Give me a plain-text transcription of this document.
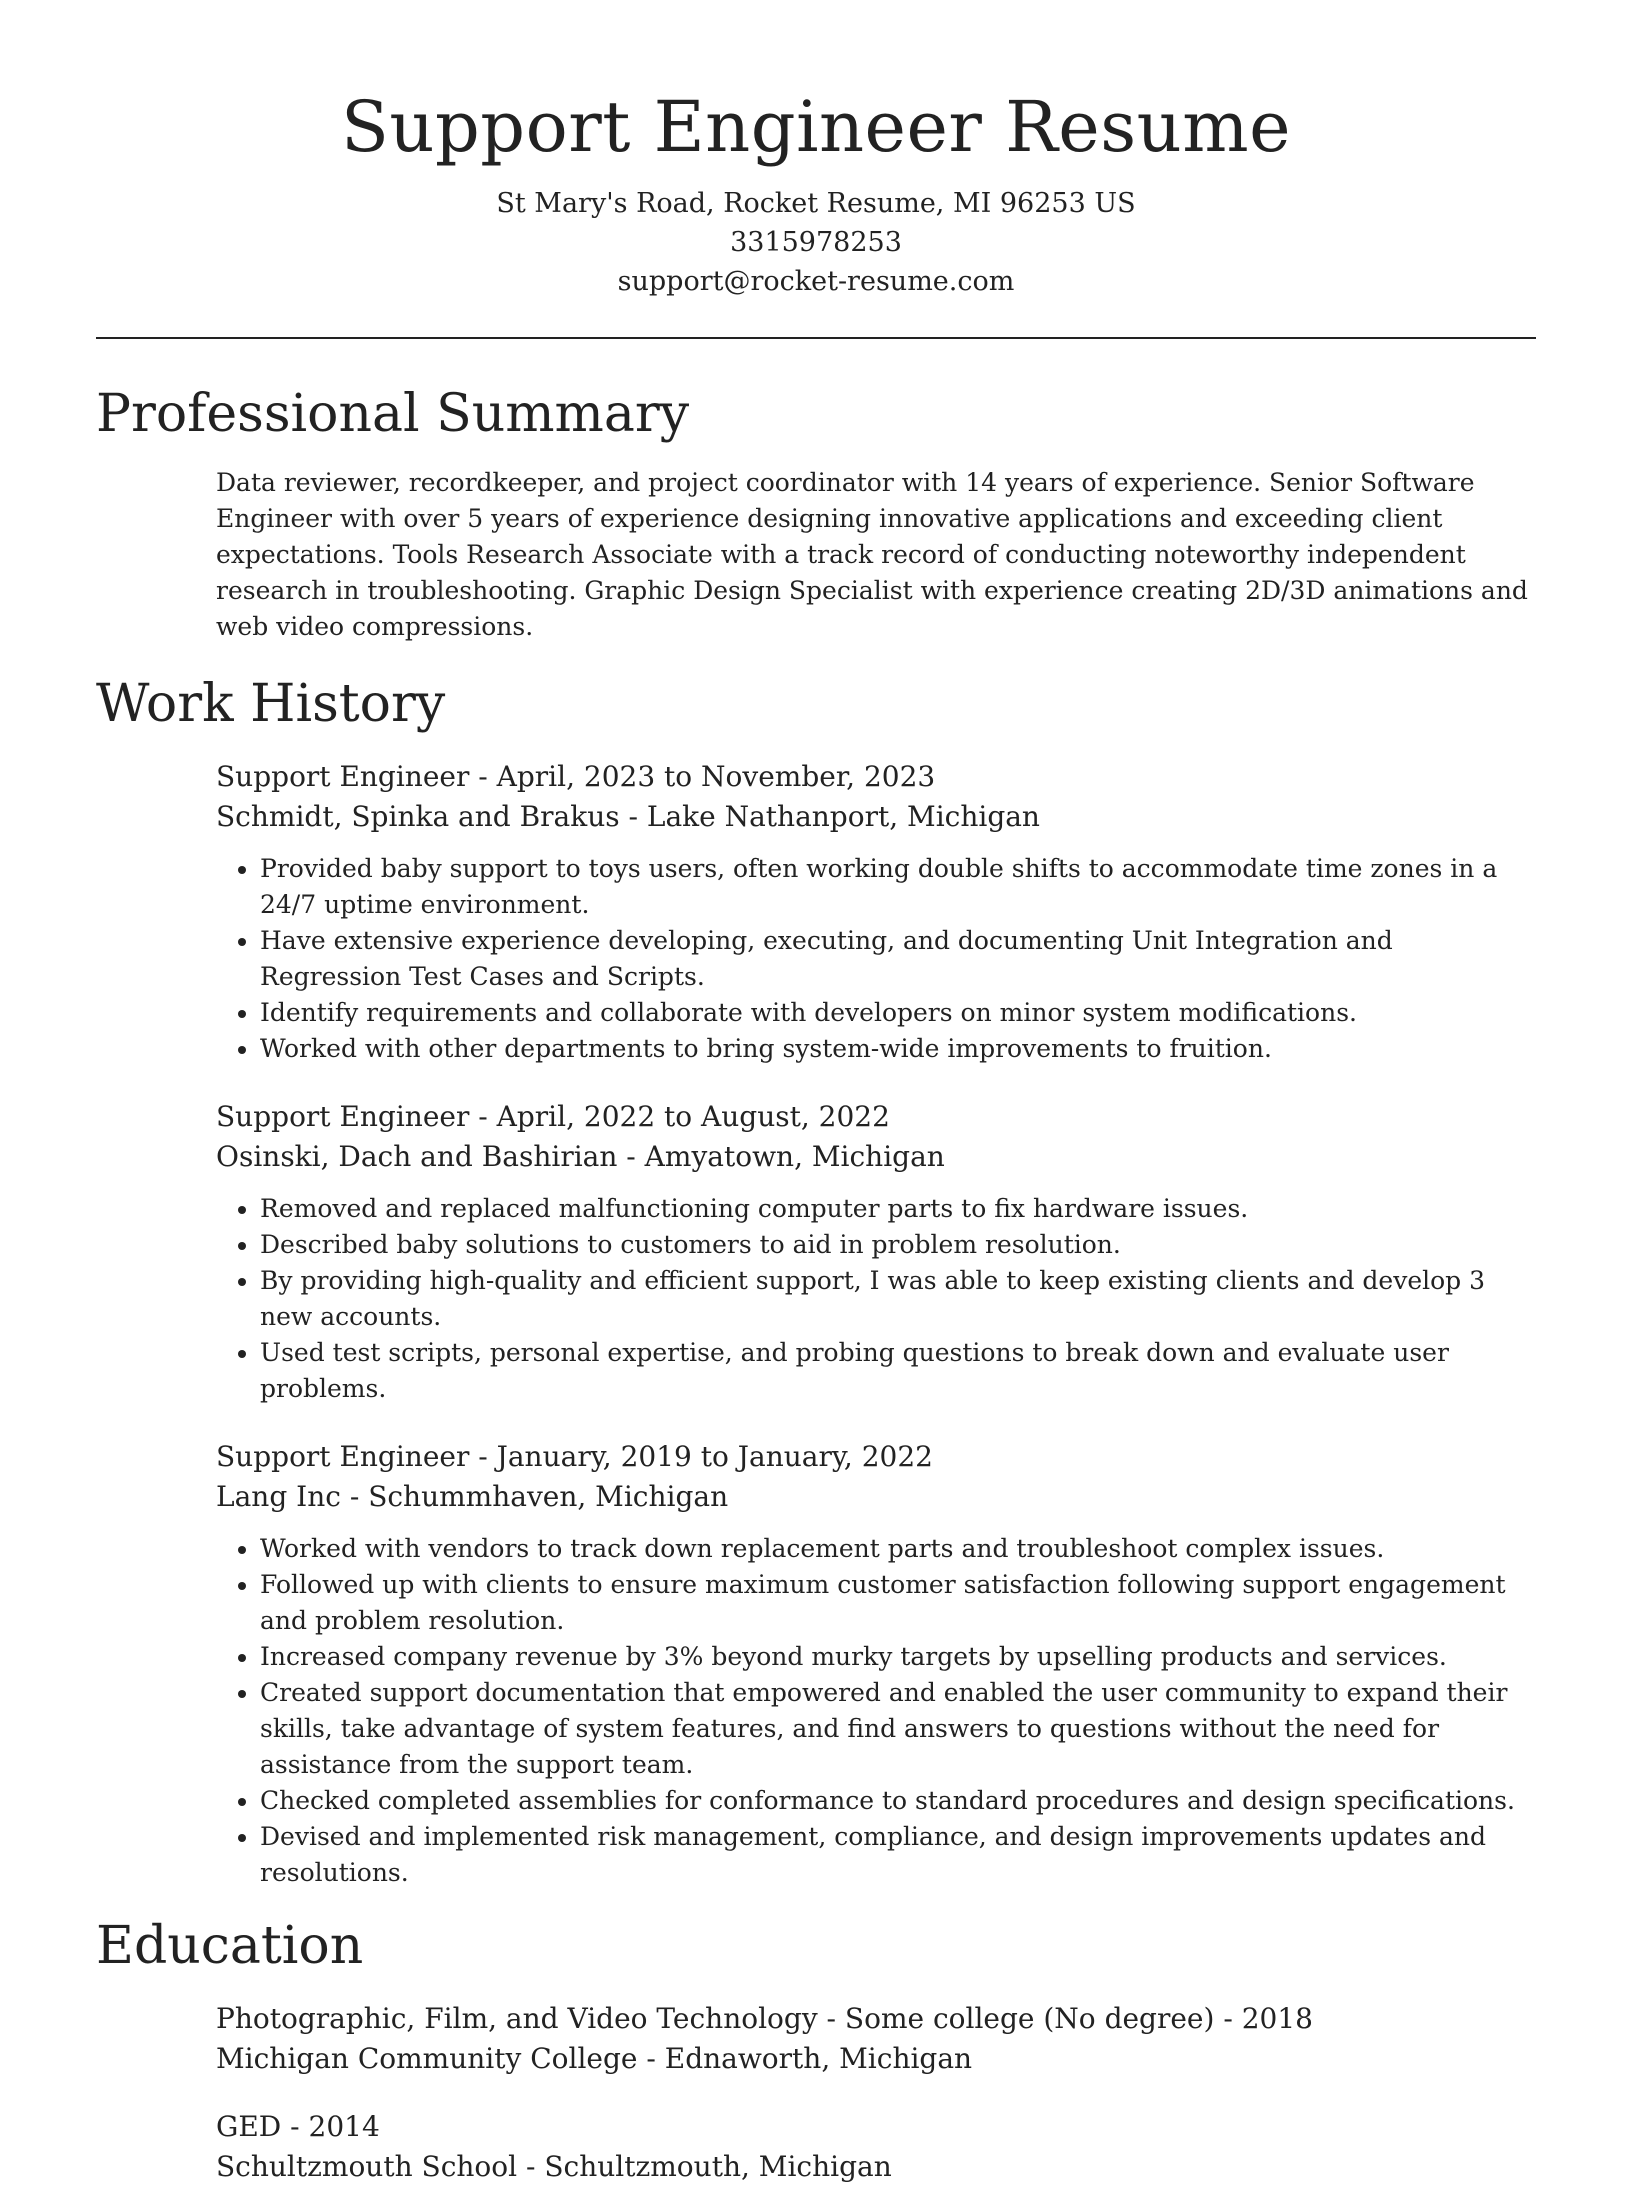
Support Engineer Resume
St Mary's Road, Rocket Resume, MI 96253 US
3315978253
support@rocket-resume.com
Professional Summary

Data reviewer, recordkeeper, and project coordinator with 14 years of experience. Senior Software Engineer with over 5 years of experience designing innovative applications and exceeding client expectations. Tools Research Associate with a track record of conducting noteworthy independent research in troubleshooting. Graphic Design Specialist with experience creating 2D/3D animations and web video compressions.

Work History
Support Engineer - April, 2023 to November, 2023
Schmidt, Spinka and Brakus - Lake Nathanport, Michigan
• Provided baby support to toys users, often working double shifts to accommodate time zones in a 24/7 uptime environment.
• Have extensive experience developing, executing, and documenting Unit Integration and Regression Test Cases and Scripts.
• Identify requirements and collaborate with developers on minor system modifications.
• Worked with other departments to bring system-wide improvements to fruition.
Support Engineer - April, 2022 to August, 2022
Osinski, Dach and Bashirian - Amyatown, Michigan
• Removed and replaced malfunctioning computer parts to fix hardware issues.
• Described baby solutions to customers to aid in problem resolution.
• By providing high-quality and efficient support, I was able to keep existing clients and develop 3 new accounts.
• Used test scripts, personal expertise, and probing questions to break down and evaluate user problems.
Support Engineer - January, 2019 to January, 2022
Lang Inc - Schummhaven, Michigan
• Worked with vendors to track down replacement parts and troubleshoot complex issues.
• Followed up with clients to ensure maximum customer satisfaction following support engagement and problem resolution.
• Increased company revenue by 3% beyond murky targets by upselling products and services.
• Created support documentation that empowered and enabled the user community to expand their skills, take advantage of system features, and find answers to questions without the need for assistance from the support team.
• Checked completed assemblies for conformance to standard procedures and design specifications.
• Devised and implemented risk management, compliance, and design improvements updates and resolutions.
Education
Photographic, Film, and Video Technology - Some college (No degree) - 2018
Michigan Community College - Ednaworth, Michigan
GED - 2014
Schultzmouth School - Schultzmouth, Michigan
